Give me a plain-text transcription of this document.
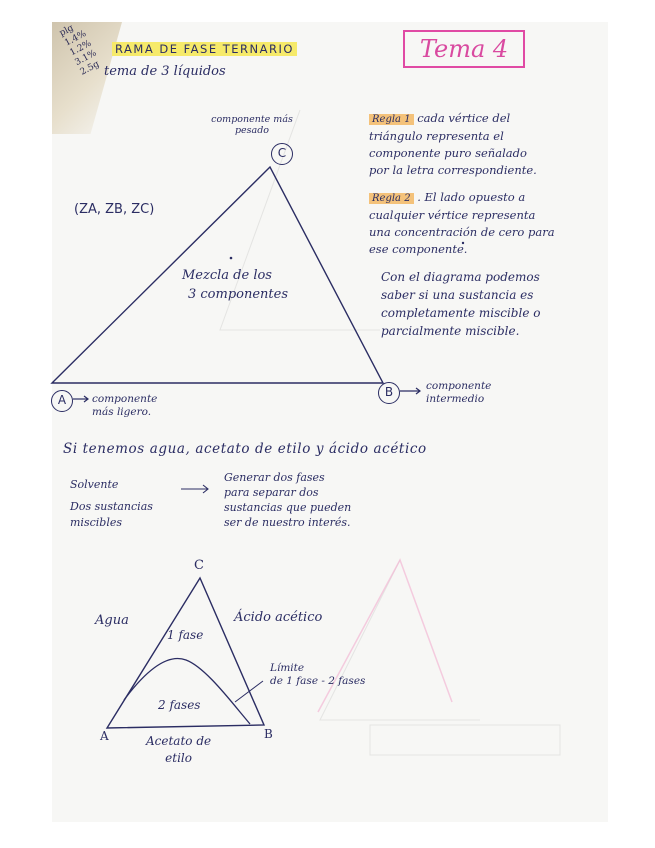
plg
1.4%
1.2%
3.1%
2.5g
RAMA DE FASE TERNARIO
tema de 3 líquidos
Tema 4
componente más
pesado
C
A
B
(ZA, ZB, ZC)
Mezcla de los
3 componentes
componente
más ligero.
componente
intermedio
Regla 1 cada vértice del
triángulo representa el
componente puro señalado
por la letra correspondiente.
Regla 2 . El lado opuesto a
cualquier vértice representa
una concentración de cero para
ese componente.
Con el diagrama podemos
saber si una sustancia es
completamente miscible o
parcialmente miscible.
Si tenemos agua, acetato de etilo y ácido acético
Solvente
Dos sustancias
miscibles
Generar dos fases
para separar dos
sustancias que pueden
ser de nuestro interés.
C
A	B
Agua	Ácido acético
1 fase
2 fases
Límite
de 1 fase - 2 fases
Acetato de
etilo
